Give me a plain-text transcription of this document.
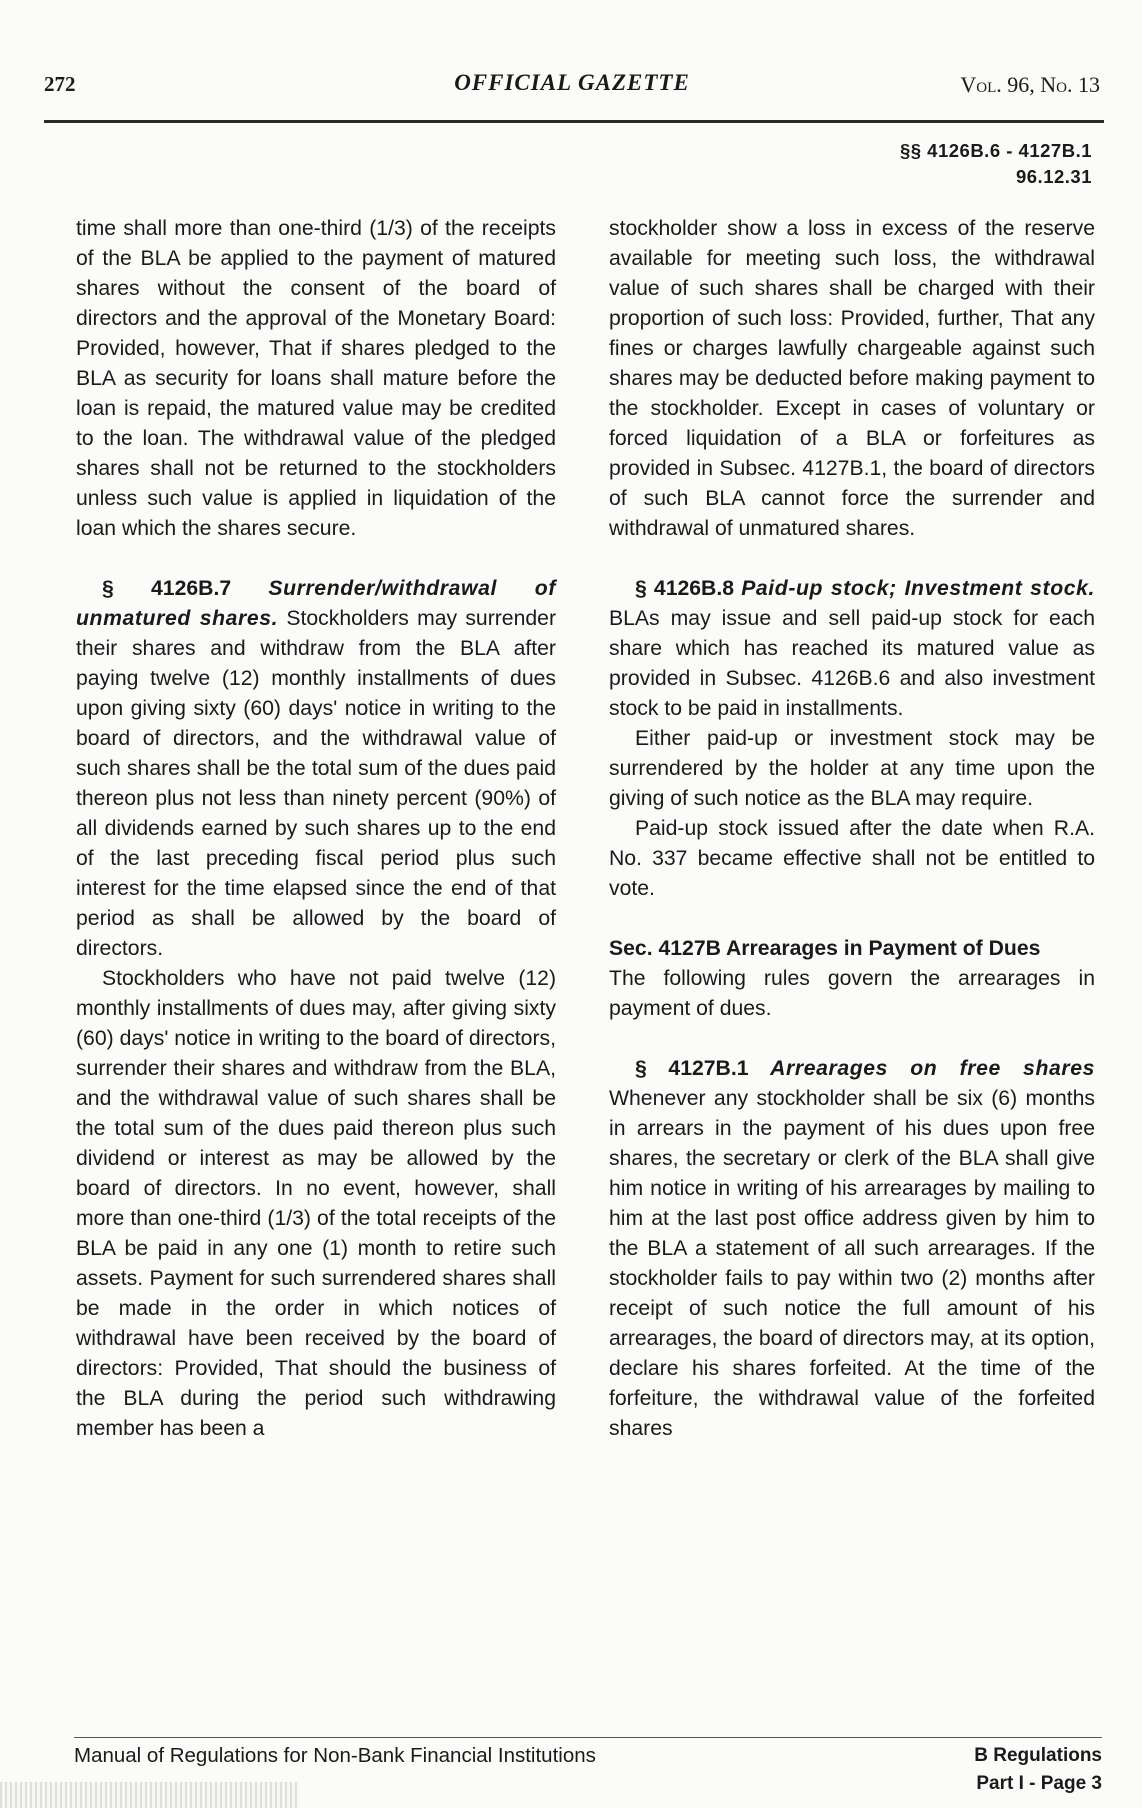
272	OFFICIAL GAZETTE	Vol. 96, No. 13
§§ 4126B.6 - 4127B.1
96.12.31

time shall more than one-third (1/3) of the receipts of the BLA be applied to the payment of matured shares without the consent of the board of directors and the approval of the Monetary Board: Provided, however, That if shares pledged to the BLA as security for loans shall mature before the loan is repaid, the matured value may be credited to the loan. The withdrawal value of the pledged shares shall not be returned to the stockholders unless such value is applied in liquidation of the loan which the shares secure.

§ 4126B.7 Surrender/withdrawal of unmatured shares. Stockholders may surrender their shares and withdraw from the BLA after paying twelve (12) monthly installments of dues upon giving sixty (60) days' notice in writing to the board of directors, and the withdrawal value of such shares shall be the total sum of the dues paid thereon plus not less than ninety percent (90%) of all dividends earned by such shares up to the end of the last preceding fiscal period plus such interest for the time elapsed since the end of that period as shall be allowed by the board of directors.

Stockholders who have not paid twelve (12) monthly installments of dues may, after giving sixty (60) days' notice in writing to the board of directors, surrender their shares and withdraw from the BLA, and the withdrawal value of such shares shall be the total sum of the dues paid thereon plus such dividend or interest as may be allowed by the board of directors. In no event, however, shall more than one-third (1/3) of the total receipts of the BLA be paid in any one (1) month to retire such assets. Payment for such surrendered shares shall be made in the order in which notices of withdrawal have been received by the board of directors: Provided, That should the business of the BLA during the period such withdrawing member has been a

stockholder show a loss in excess of the reserve available for meeting such loss, the withdrawal value of such shares shall be charged with their proportion of such loss: Provided, further, That any fines or charges lawfully chargeable against such shares may be deducted before making payment to the stockholder. Except in cases of voluntary or forced liquidation of a BLA or forfeitures as provided in Subsec. 4127B.1, the board of directors of such BLA cannot force the surrender and withdrawal of unmatured shares.

§ 4126B.8 Paid-up stock; Investment stock. BLAs may issue and sell paid-up stock for each share which has reached its matured value as provided in Subsec. 4126B.6 and also investment stock to be paid in installments.

Either paid-up or investment stock may be surrendered by the holder at any time upon the giving of such notice as the BLA may require.

Paid-up stock issued after the date when R.A. No. 337 became effective shall not be entitled to vote.

Sec. 4127B Arrearages in Payment of Dues

The following rules govern the arrearages in payment of dues.

§ 4127B.1 Arrearages on free shares Whenever any stockholder shall be six (6) months in arrears in the payment of his dues upon free shares, the secretary or clerk of the BLA shall give him notice in writing of his arrearages by mailing to him at the last post office address given by him to the BLA a statement of all such arrearages. If the stockholder fails to pay within two (2) months after receipt of such notice the full amount of his arrearages, the board of directors may, at its option, declare his shares forfeited. At the time of the forfeiture, the withdrawal value of the forfeited shares

Manual of Regulations for Non-Bank Financial Institutions	B Regulations
Part I - Page 3
